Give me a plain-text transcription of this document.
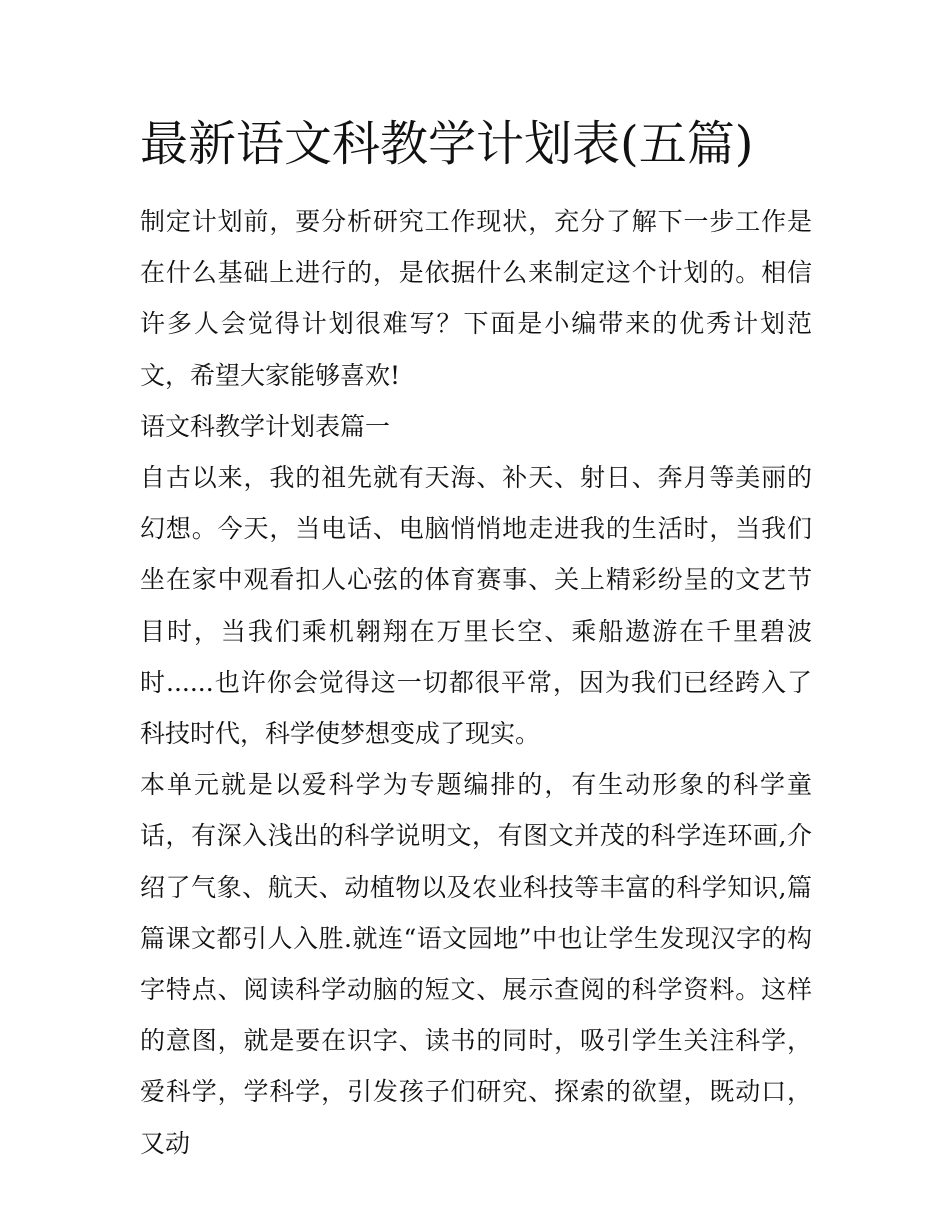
最新语文科教学计划表(五篇)

制定计划前，要分析研究工作现状，充分了解下一步工作是在什么基础上进行的，是依据什么来制定这个计划的。相信许多人会觉得计划很难写？下面是小编带来的优秀计划范文，希望大家能够喜欢!

语文科教学计划表篇一

自古以来，我的祖先就有天海、补天、射日、奔月等美丽的幻想。今天，当电话、电脑悄悄地走进我的生活时，当我们坐在家中观看扣人心弦的体育赛事、关上精彩纷呈的文艺节目时，当我们乘机翱翔在万里长空、乘船遨游在千里碧波时......也许你会觉得这一切都很平常，因为我们已经跨入了科技时代，科学使梦想变成了现实。

本单元就是以爱科学为专题编排的，有生动形象的科学童话，有深入浅出的科学说明文，有图文并茂的科学连环画,介绍了气象、航天、动植物以及农业科技等丰富的科学知识,篇篇课文都引人入胜.就连“语文园地”中也让学生发现汉字的构字特点、阅读科学动脑的短文、展示查阅的科学资料。这样的意图，就是要在识字、读书的同时，吸引学生关注科学，爱科学，学科学，引发孩子们研究、探索的欲望，既动口，又动
